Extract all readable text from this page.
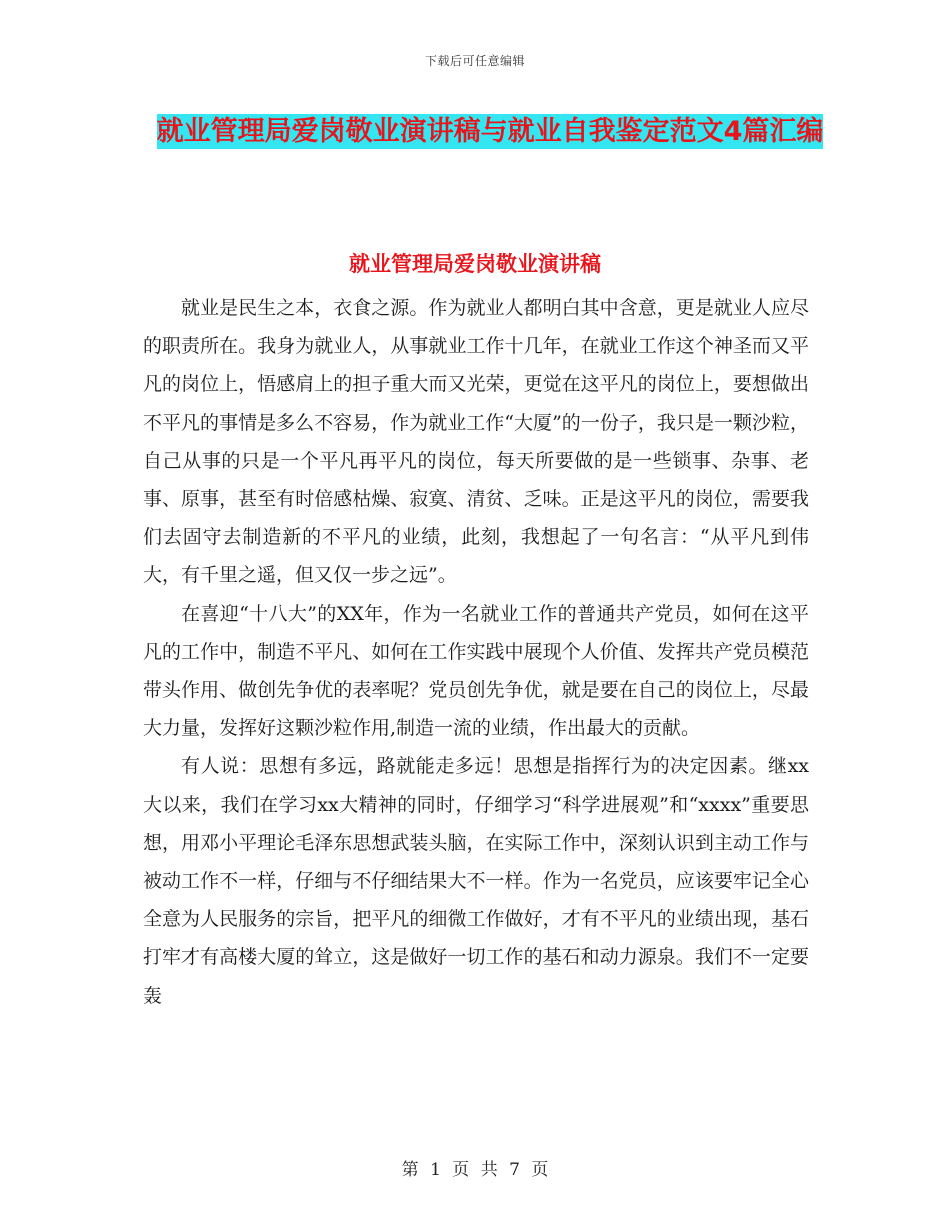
下载后可任意编辑
就业管理局爱岗敬业演讲稿与就业自我鉴定范文4篇汇编
就业管理局爱岗敬业演讲稿

就业是民生之本，衣食之源。作为就业人都明白其中含意，更是就业人应尽的职责所在。我身为就业人，从事就业工作十几年，在就业工作这个神圣而又平凡的岗位上，悟感肩上的担子重大而又光荣，更觉在这平凡的岗位上，要想做出不平凡的事情是多么不容易，作为就业工作“大厦”的一份子，我只是一颗沙粒，自己从事的只是一个平凡再平凡的岗位，每天所要做的是一些锁事、杂事、老事、原事，甚至有时倍感枯燥、寂寞、清贫、乏味。正是这平凡的岗位，需要我们去固守去制造新的不平凡的业绩，此刻，我想起了一句名言：“从平凡到伟大，有千里之遥，但又仅一步之远”。

在喜迎“十八大”的XX年，作为一名就业工作的普通共产党员，如何在这平凡的工作中，制造不平凡、如何在工作实践中展现个人价值、发挥共产党员模范带头作用、做创先争优的表率呢？党员创先争优，就是要在自己的岗位上，尽最大力量，发挥好这颗沙粒作用,制造一流的业绩，作出最大的贡献。

有人说：思想有多远，路就能走多远！思想是指挥行为的决定因素。继xx大以来，我们在学习xx大精神的同时，仔细学习“科学进展观”和“xxxx”重要思想，用邓小平理论毛泽东思想武装头脑，在实际工作中，深刻认识到主动工作与被动工作不一样，仔细与不仔细结果大不一样。作为一名党员，应该要牢记全心全意为人民服务的宗旨，把平凡的细微工作做好，才有不平凡的业绩出现，基石打牢才有高楼大厦的耸立，这是做好一切工作的基石和动力源泉。我们不一定要轰

第 1 页 共 7 页
